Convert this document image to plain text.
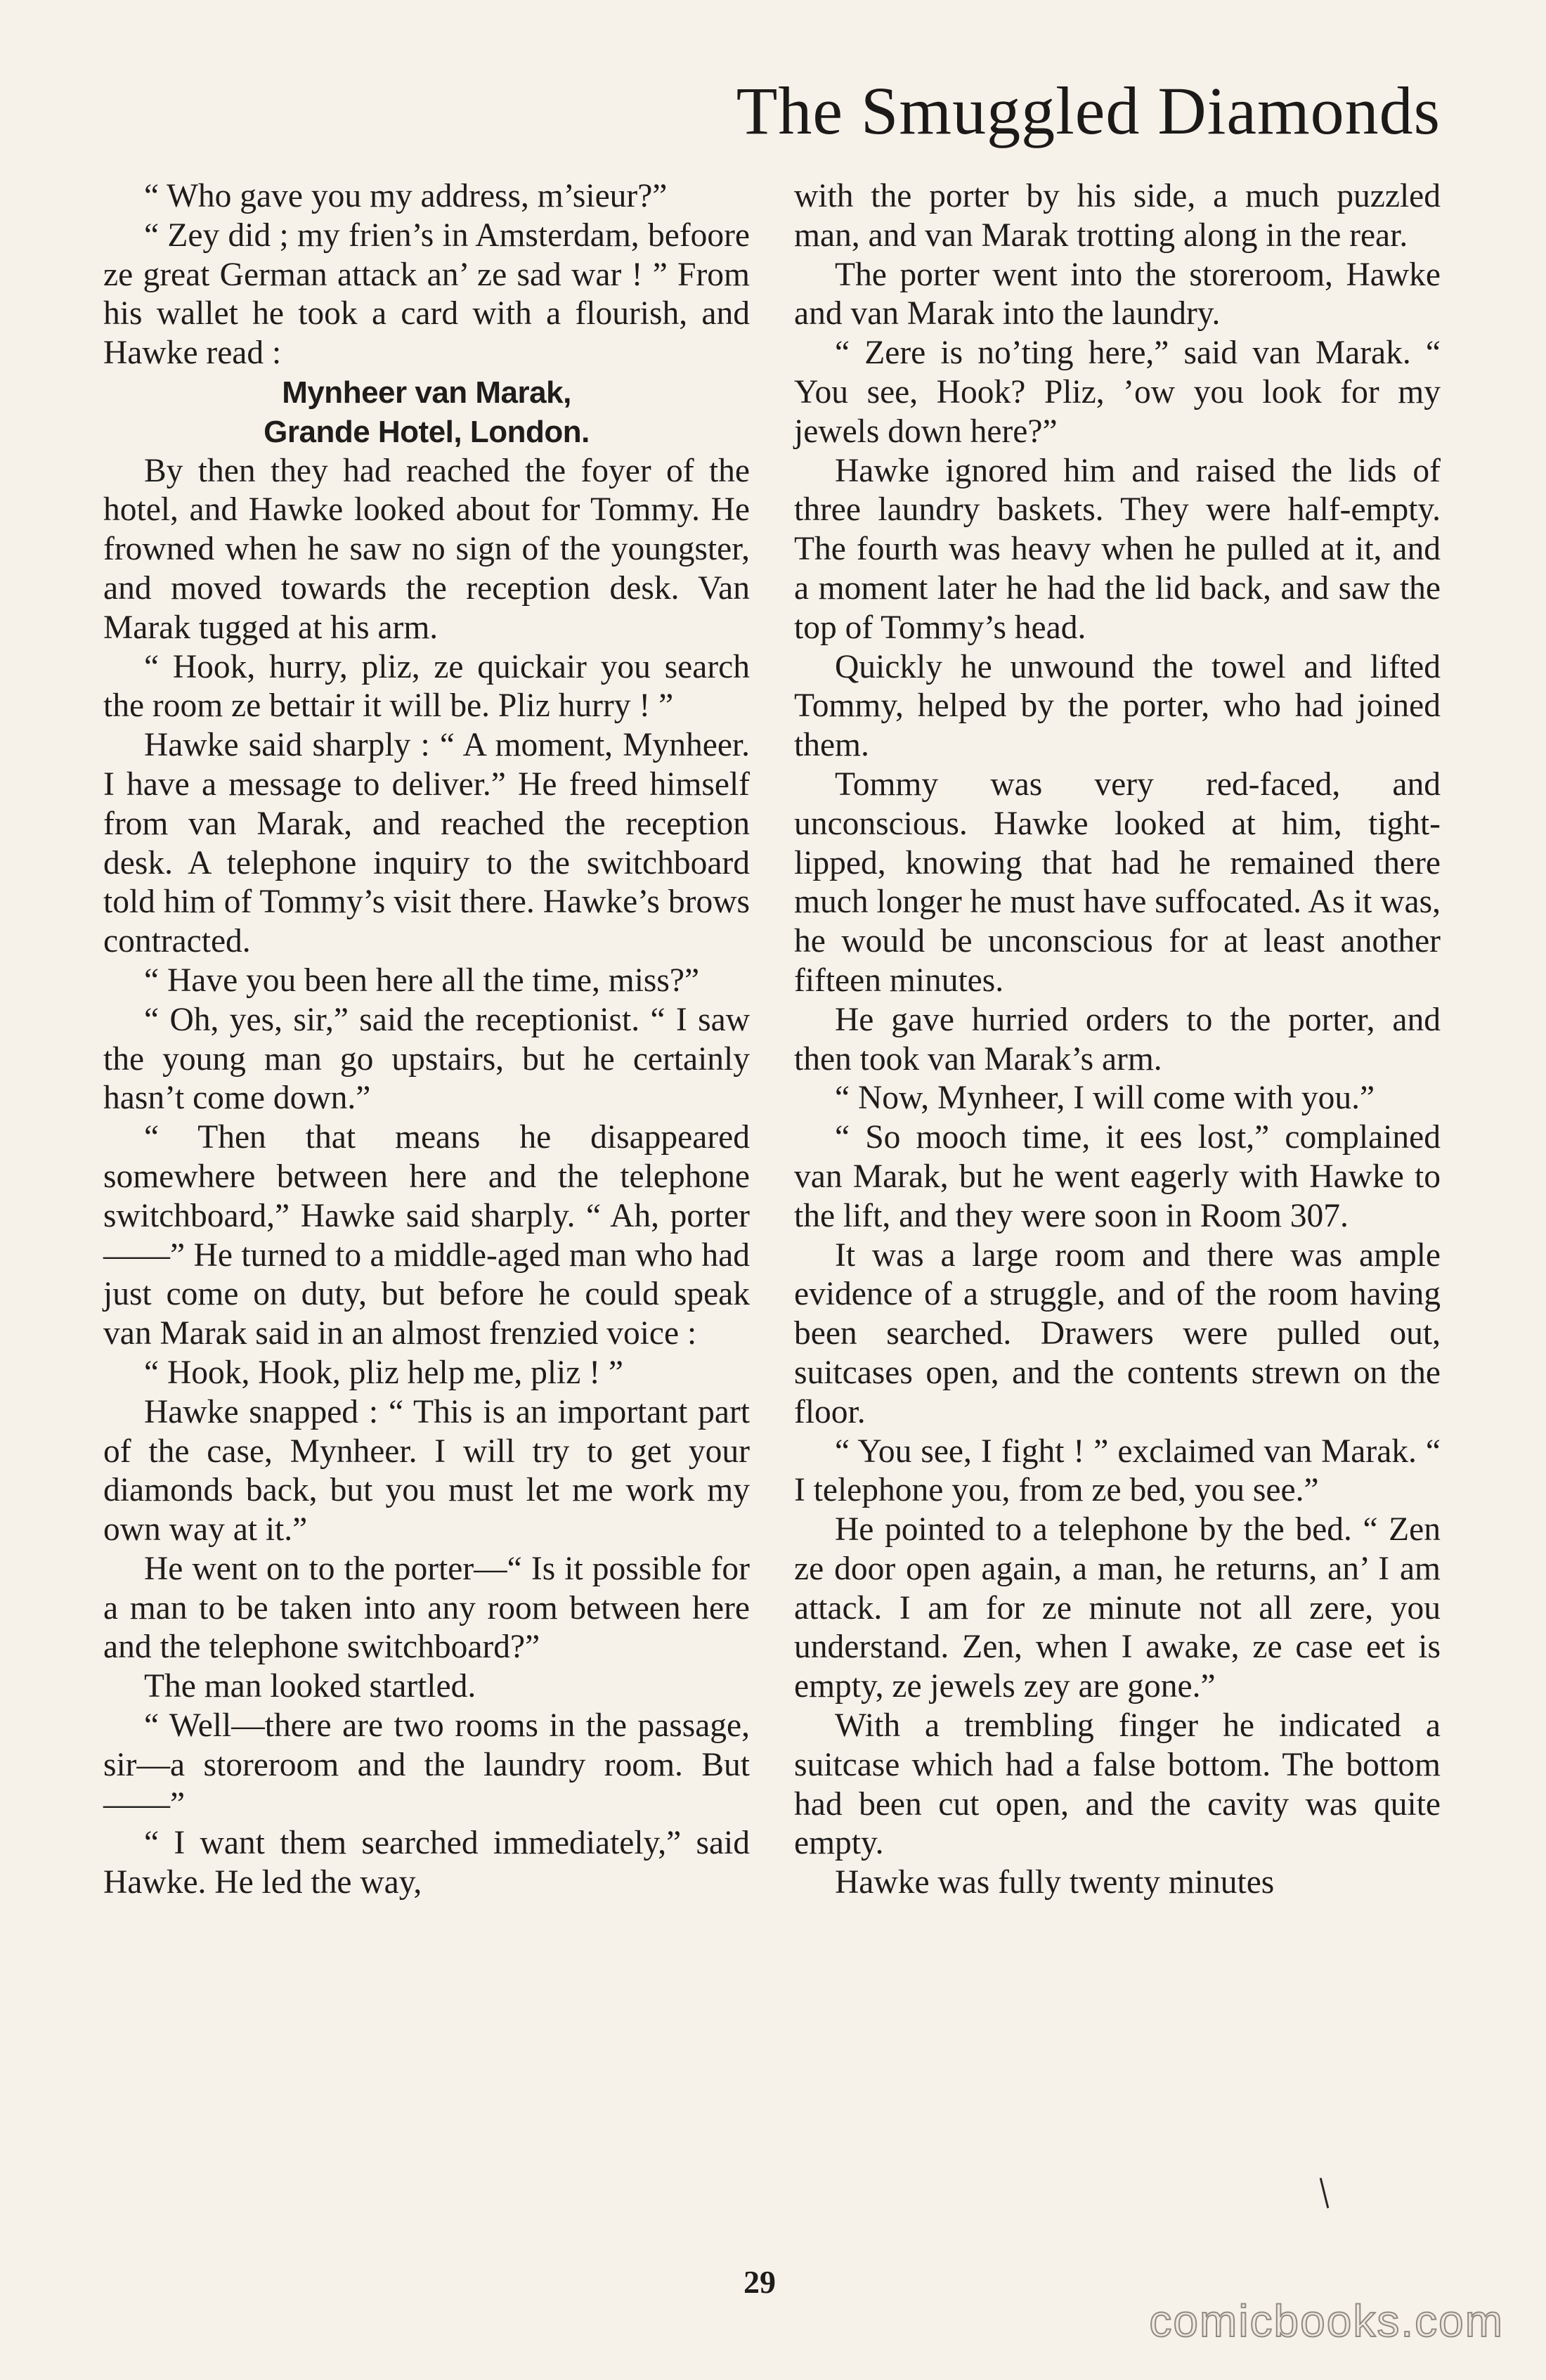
The Smuggled Diamonds

“ Who gave you my address, m’sieur?”

“ Zey did ; my frien’s in Amsterdam, befoore ze great German attack an’ ze sad war ! ” From his wallet he took a card with a flourish, and Hawke read :

Mynheer van Marak,
Grande Hotel, London.

By then they had reached the foyer of the hotel, and Hawke looked about for Tommy. He frowned when he saw no sign of the youngster, and moved towards the reception desk. Van Marak tugged at his arm.

“ Hook, hurry, pliz, ze quickair you search the room ze bettair it will be. Pliz hurry ! ”

Hawke said sharply : “ A moment, Mynheer. I have a message to deliver.” He freed himself from van Marak, and reached the reception desk. A telephone inquiry to the switchboard told him of Tommy’s visit there. Hawke’s brows contracted.

“ Have you been here all the time, miss?”

“ Oh, yes, sir,” said the receptionist. “ I saw the young man go upstairs, but he certainly hasn’t come down.”

“ Then that means he disappeared somewhere between here and the telephone switchboard,” Hawke said sharply. “ Ah, porter——” He turned to a middle-aged man who had just come on duty, but before he could speak van Marak said in an almost frenzied voice :

“ Hook, Hook, pliz help me, pliz ! ”

Hawke snapped : “ This is an important part of the case, Mynheer. I will try to get your diamonds back, but you must let me work my own way at it.”

He went on to the porter—“ Is it possible for a man to be taken into any room between here and the telephone switchboard?”

The man looked startled.

“ Well—there are two rooms in the passage, sir—a storeroom and the laundry room. But——”

“ I want them searched immediately,” said Hawke. He led the way,

with the porter by his side, a much puzzled man, and van Marak trotting along in the rear.

The porter went into the storeroom, Hawke and van Marak into the laundry.

“ Zere is no’ting here,” said van Marak. “ You see, Hook? Pliz, ’ow you look for my jewels down here?”

Hawke ignored him and raised the lids of three laundry baskets. They were half-empty. The fourth was heavy when he pulled at it, and a moment later he had the lid back, and saw the top of Tommy’s head.

Quickly he unwound the towel and lifted Tommy, helped by the porter, who had joined them.

Tommy was very red-faced, and unconscious. Hawke looked at him, tight-lipped, knowing that had he remained there much longer he must have suffocated. As it was, he would be unconscious for at least another fifteen minutes.

He gave hurried orders to the porter, and then took van Marak’s arm.

“ Now, Mynheer, I will come with you.”

“ So mooch time, it ees lost,” complained van Marak, but he went eagerly with Hawke to the lift, and they were soon in Room 307.

It was a large room and there was ample evidence of a struggle, and of the room having been searched. Drawers were pulled out, suitcases open, and the contents strewn on the floor.

“ You see, I fight ! ” exclaimed van Marak. “ I telephone you, from ze bed, you see.”

He pointed to a telephone by the bed. “ Zen ze door open again, a man, he returns, an’ I am attack. I am for ze minute not all zere, you understand. Zen, when I awake, ze case eet is empty, ze jewels zey are gone.”

With a trembling finger he indicated a suitcase which had a false bottom. The bottom had been cut open, and the cavity was quite empty.

Hawke was fully twenty minutes

29
comicbooks.com
